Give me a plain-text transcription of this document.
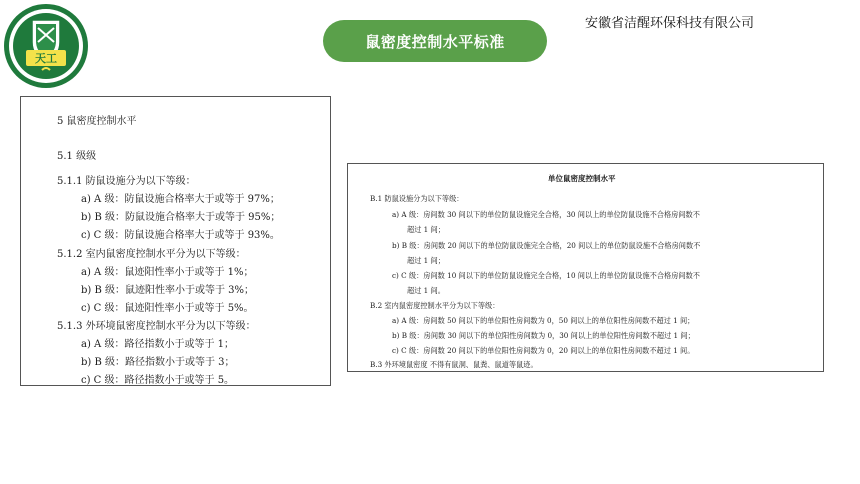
天工
鼠密度控制水平标准
安徽省洁醒环保科技有限公司
5 鼠密度控制水平
5.1 级级
5.1.1 防鼠设施分为以下等级：
a) A 级：防鼠设施合格率大于或等于 97%；
b) B 级：防鼠设施合格率大于或等于 95%；
c) C 级：防鼠设施合格率大于或等于 93%。
5.1.2 室内鼠密度控制水平分为以下等级：
a) A 级：鼠迹阳性率小于或等于 1%；
b) B 级：鼠迹阳性率小于或等于 3%；
c) C 级：鼠迹阳性率小于或等于 5%。
5.1.3 外环境鼠密度控制水平分为以下等级：
a) A 级：路径指数小于或等于 1；
b) B 级：路径指数小于或等于 3；
c) C 级：路径指数小于或等于 5。
单位鼠密度控制水平
B.1 防鼠设施分为以下等级：
a) A 级：房间数 30 间以下的单位防鼠设施完全合格，30 间以上的单位防鼠设施不合格房间数不
超过 1 间；
b) B 级：房间数 20 间以下的单位防鼠设施完全合格，20 间以上的单位防鼠设施不合格房间数不
超过 1 间；
c) C 级：房间数 10 间以下的单位防鼠设施完全合格，10 间以上的单位防鼠设施不合格房间数不
超过 1 间。
B.2 室内鼠密度控制水平分为以下等级：
a) A 级：房间数 50 间以下的单位阳性房间数为 0，50 间以上的单位阳性房间数不超过 1 间；
b) B 级：房间数 30 间以下的单位阳性房间数为 0，30 间以上的单位阳性房间数不超过 1 间；
c) C 级：房间数 20 间以下的单位阳性房间数为 0，20 间以上的单位阳性房间数不超过 1 间。
B.3 外环境鼠密度 不得有鼠洞、鼠粪、鼠道等鼠迹。
